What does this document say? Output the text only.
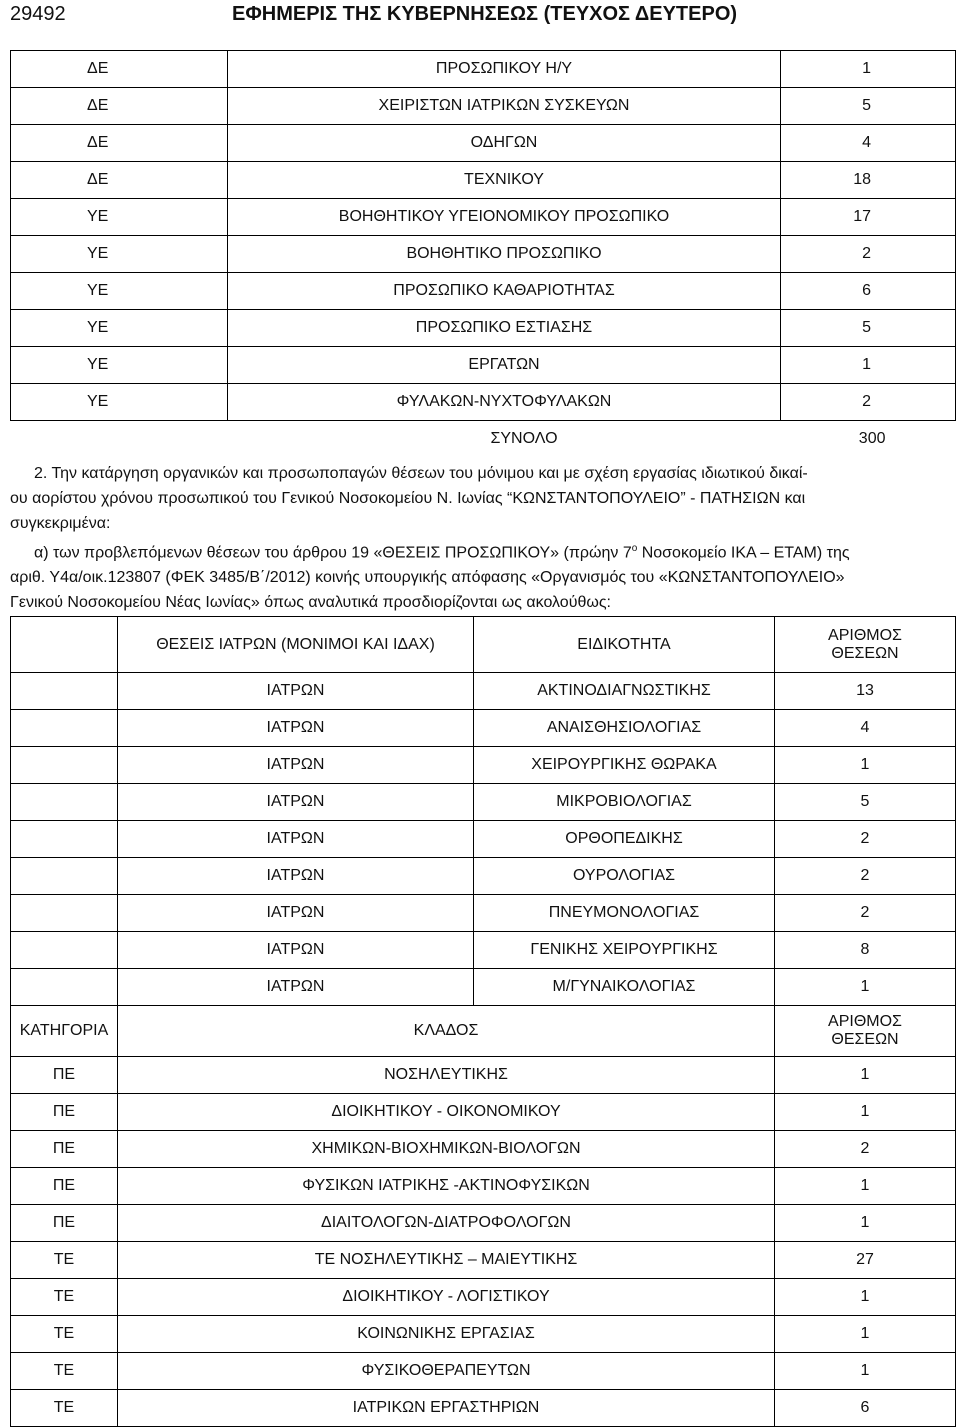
29492	ΕΦΗΜΕΡΙΣ ΤΗΣ ΚΥΒΕΡΝΗΣΕΩΣ (ΤΕΥΧΟΣ ΔΕΥΤΕΡΟ)
ΔΕ	ΠΡΟΣΩΠΙΚΟΥ Η/Υ	1
ΔΕ	ΧΕΙΡΙΣΤΩΝ ΙΑΤΡΙΚΩΝ ΣΥΣΚΕΥΩΝ	5
ΔΕ	ΟΔΗΓΩΝ	4
ΔΕ	ΤΕΧΝΙΚΟΥ	18
ΥΕ	ΒΟΗΘΗΤΙΚΟΥ ΥΓΕΙΟΝΟΜΙΚΟΥ ΠΡΟΣΩΠΙΚΟ	17
ΥΕ	ΒΟΗΘΗΤΙΚΟ ΠΡΟΣΩΠΙΚΟ	2
ΥΕ	ΠΡΟΣΩΠΙΚΟ ΚΑΘΑΡΙΟΤΗΤΑΣ	6
ΥΕ	ΠΡΟΣΩΠΙΚΟ ΕΣΤΙΑΣΗΣ	5
ΥΕ	ΕΡΓΑΤΩΝ	1
ΥΕ	ΦΥΛΑΚΩΝ-ΝΥΧΤΟΦΥΛΑΚΩΝ	2
	ΣΥΝΟΛΟ	300
2. Την κατάργηση οργανικών και προσωποπαγών θέσεων του μόνιμου και με σχέση εργασίας ιδιωτικού δικαί-
ου αορίστου χρόνου προσωπικού του Γενικού Νοσοκομείου Ν. Ιωνίας “ΚΩΝΣΤΑΝΤΟΠΟΥΛΕΙΟ” - ΠΑΤΗΣΙΩΝ και
συγκεκριμένα:
α) των προβλεπόμενων θέσεων του άρθρου 19 «ΘΕΣΕΙΣ ΠΡΟΣΩΠΙΚΟΥ» (πρώην $7^o$ Νοσοκομείο ΙΚΑ – ΕΤΑΜ) της
αριθ. Υ4α/οικ.123807 (ΦΕΚ 3485/Β΄/2012) κοινής υπουργικής απόφασης «Οργανισμός του «ΚΩΝΣΤΑΝΤΟΠΟΥΛΕΙΟ»
Γενικού Νοσοκομείου Νέας Ιωνίας» όπως αναλυτικά προσδιορίζονται ως ακολούθως:
	ΘΕΣΕΙΣ ΙΑΤΡΩΝ (ΜΟΝΙΜΟΙ ΚΑΙ ΙΔΑΧ)	ΕΙΔΙΚΟΤΗΤΑ	ΑΡΙΘΜΟΣ
ΘΕΣΕΩΝ
	ΙΑΤΡΩΝ	ΑΚΤΙΝΟΔΙΑΓΝΩΣΤΙΚΗΣ	13
	ΙΑΤΡΩΝ	ΑΝΑΙΣΘΗΣΙΟΛΟΓΙΑΣ	4
	ΙΑΤΡΩΝ	ΧΕΙΡΟΥΡΓΙΚΗΣ ΘΩΡΑΚΑ	1
	ΙΑΤΡΩΝ	ΜΙΚΡΟΒΙΟΛΟΓΙΑΣ	5
	ΙΑΤΡΩΝ	ΟΡΘΟΠΕΔΙΚΗΣ	2
	ΙΑΤΡΩΝ	ΟΥΡΟΛΟΓΙΑΣ	2
	ΙΑΤΡΩΝ	ΠΝΕΥΜΟΝΟΛΟΓΙΑΣ	2
	ΙΑΤΡΩΝ	ΓΕΝΙΚΗΣ ΧΕΙΡΟΥΡΓΙΚΗΣ	8
	ΙΑΤΡΩΝ	Μ/ΓΥΝΑΙΚΟΛΟΓΙΑΣ	1
ΚΑΤΗΓΟΡΙΑ	ΚΛΑΔΟΣ		ΑΡΙΘΜΟΣ
ΘΕΣΕΩΝ
ΠΕ	ΝΟΣΗΛΕΥΤΙΚΗΣ		1
ΠΕ	ΔΙΟΙΚΗΤΙΚΟΥ - ΟΙΚΟΝΟΜΙΚΟΥ		1
ΠΕ	ΧΗΜΙΚΩΝ-ΒΙΟΧΗΜΙΚΩΝ-ΒΙΟΛΟΓΩΝ		2
ΠΕ	ΦΥΣΙΚΩΝ ΙΑΤΡΙΚΗΣ -ΑΚΤΙΝΟΦΥΣΙΚΩΝ		1
ΠΕ	ΔΙΑΙΤΟΛΟΓΩΝ-ΔΙΑΤΡΟΦΟΛΟΓΩΝ		1
ΤΕ	ΤΕ ΝΟΣΗΛΕΥΤΙΚΗΣ – ΜΑΙΕΥΤΙΚΗΣ		27
ΤΕ	ΔΙΟΙΚΗΤΙΚΟΥ - ΛΟΓΙΣΤΙΚΟΥ		1
ΤΕ	ΚΟΙΝΩΝΙΚΗΣ ΕΡΓΑΣΙΑΣ		1
ΤΕ	ΦΥΣΙΚΟΘΕΡΑΠΕΥΤΩΝ		1
ΤΕ	ΙΑΤΡΙΚΩΝ ΕΡΓΑΣΤΗΡΙΩΝ		6
